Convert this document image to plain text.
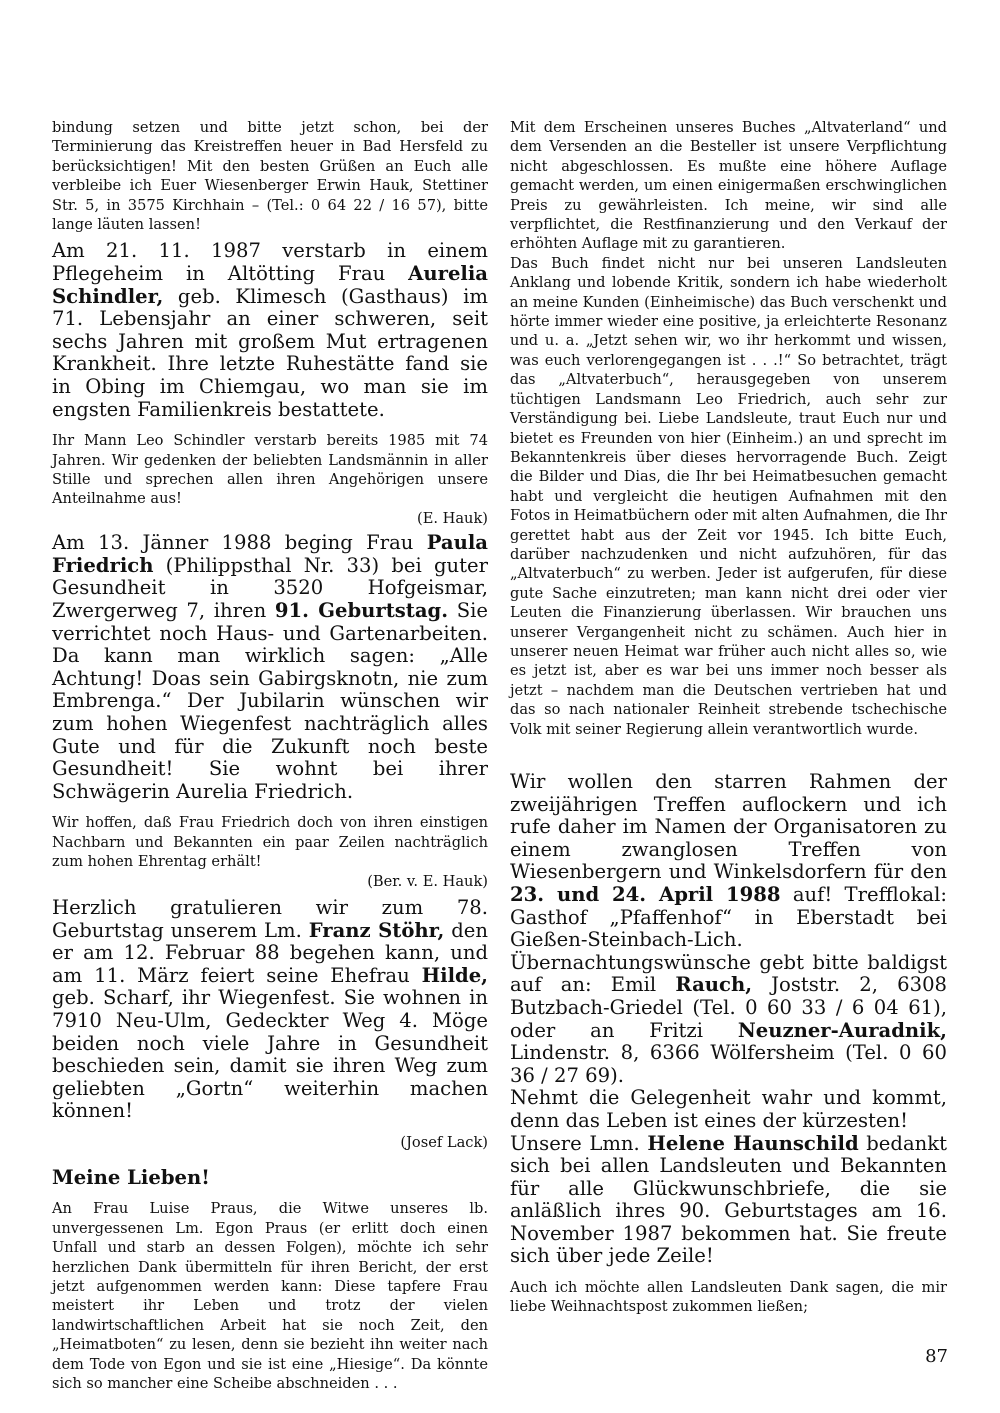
bindung setzen und bitte jetzt schon, bei der Terminierung das Kreistreffen heuer in Bad Hersfeld zu berücksichtigen! Mit den besten Grüßen an Euch alle verbleibe ich Euer Wiesenberger Erwin Hauk, Stettiner Str. 5, in 3575 Kirchhain – (Tel.: 0 64 22 / 16 57), bitte lange läuten lassen!

Am 21. 11. 1987 verstarb in einem Pflegeheim in Altötting Frau Aurelia Schindler, geb. Klimesch (Gasthaus) im 71. Lebensjahr an einer schweren, seit sechs Jahren mit großem Mut ertragenen Krankheit. Ihre letzte Ruhestätte fand sie in Obing im Chiemgau, wo man sie im engsten Familienkreis bestattete.

Ihr Mann Leo Schindler verstarb bereits 1985 mit 74 Jahren. Wir gedenken der beliebten Landsmännin in aller Stille und sprechen allen ihren Angehörigen unsere Anteilnahme aus!

(E. Hauk)

Am 13. Jänner 1988 beging Frau Paula Friedrich (Philippsthal Nr. 33) bei guter Gesundheit in 3520 Hofgeismar, Zwergerweg 7, ihren 91. Geburtstag. Sie verrichtet noch Haus- und Gartenarbeiten. Da kann man wirklich sagen: „Alle Achtung! Doas sein Gabirgsknotn, nie zum Embrenga.“ Der Jubilarin wünschen wir zum hohen Wiegenfest nachträglich alles Gute und für die Zukunft noch beste Gesundheit! Sie wohnt bei ihrer Schwägerin Aurelia Friedrich.

Wir hoffen, daß Frau Friedrich doch von ihren einstigen Nachbarn und Bekannten ein paar Zeilen nachträglich zum hohen Ehrentag erhält!

(Ber. v. E. Hauk)

Herzlich gratulieren wir zum 78. Geburtstag unserem Lm. Franz Stöhr, den er am 12. Februar 88 begehen kann, und am 11. März feiert seine Ehefrau Hilde, geb. Scharf, ihr Wiegenfest. Sie wohnen in 7910 Neu-Ulm, Gedeckter Weg 4. Möge beiden noch viele Jahre in Gesundheit beschieden sein, damit sie ihren Weg zum geliebten „Gortn“ weiterhin machen können!

(Josef Lack)

Meine Lieben!

An Frau Luise Praus, die Witwe unseres lb. unvergessenen Lm. Egon Praus (er erlitt doch einen Unfall und starb an dessen Folgen), möchte ich sehr herzlichen Dank übermitteln für ihren Bericht, der erst jetzt aufgenommen werden kann: Diese tapfere Frau meistert ihr Leben und trotz der vielen landwirtschaftlichen Arbeit hat sie noch Zeit, den „Heimatboten“ zu lesen, denn sie bezieht ihn weiter nach dem Tode von Egon und sie ist eine „Hiesige“. Da könnte sich so mancher eine Scheibe abschneiden . . .

Mit dem Erscheinen unseres Buches „Altvaterland“ und dem Versenden an die Besteller ist unsere Verpflichtung nicht abgeschlossen. Es mußte eine höhere Auflage gemacht werden, um einen einigermaßen erschwinglichen Preis zu gewährleisten. Ich meine, wir sind alle verpflichtet, die Restfinanzierung und den Verkauf der erhöhten Auflage mit zu garantieren.

Das Buch findet nicht nur bei unseren Landsleuten Anklang und lobende Kritik, sondern ich habe wiederholt an meine Kunden (Einheimische) das Buch verschenkt und hörte immer wieder eine positive, ja erleichterte Resonanz und u. a. „Jetzt sehen wir, wo ihr herkommt und wissen, was euch verlorengegangen ist . . .!“ So betrachtet, trägt das „Altvaterbuch“, herausgegeben von unserem tüchtigen Landsmann Leo Friedrich, auch sehr zur Verständigung bei. Liebe Landsleute, traut Euch nur und bietet es Freunden von hier (Einheim.) an und sprecht im Bekanntenkreis über dieses hervorragende Buch. Zeigt die Bilder und Dias, die Ihr bei Heimatbesuchen gemacht habt und vergleicht die heutigen Aufnahmen mit den Fotos in Heimatbüchern oder mit alten Aufnahmen, die Ihr gerettet habt aus der Zeit vor 1945. Ich bitte Euch, darüber nachzudenken und nicht aufzuhören, für das „Altvaterbuch“ zu werben. Jeder ist aufgerufen, für diese gute Sache einzutreten; man kann nicht drei oder vier Leuten die Finanzierung überlassen. Wir brauchen uns unserer Vergangenheit nicht zu schämen. Auch hier in unserer neuen Heimat war früher auch nicht alles so, wie es jetzt ist, aber es war bei uns immer noch besser als jetzt – nachdem man die Deutschen vertrieben hat und das so nach nationaler Reinheit strebende tschechische Volk mit seiner Regierung allein verantwortlich wurde.

Wir wollen den starren Rahmen der zweijährigen Treffen auflockern und ich rufe daher im Namen der Organisatoren zu einem zwanglosen Treffen von Wiesenbergern und Winkelsdorfern für den 23. und 24. April 1988 auf! Trefflokal: Gasthof „Pfaffenhof“ in Eberstadt bei Gießen-Steinbach-Lich. Übernachtungswünsche gebt bitte baldigst auf an: Emil Rauch, Joststr. 2, 6308 Butzbach-Griedel (Tel. 0 60 33 / 6 04 61), oder an Fritzi Neuzner-Auradnik, Lindenstr. 8, 6366 Wölfersheim (Tel. 0 60 36 / 27 69).

Nehmt die Gelegenheit wahr und kommt, denn das Leben ist eines der kürzesten!

Unsere Lmn. Helene Haunschild bedankt sich bei allen Landsleuten und Bekannten für alle Glückwunschbriefe, die sie anläßlich ihres 90. Geburtstages am 16. November 1987 bekommen hat. Sie freute sich über jede Zeile!

Auch ich möchte allen Landsleuten Dank sagen, die mir liebe Weihnachtspost zukommen ließen;

87
